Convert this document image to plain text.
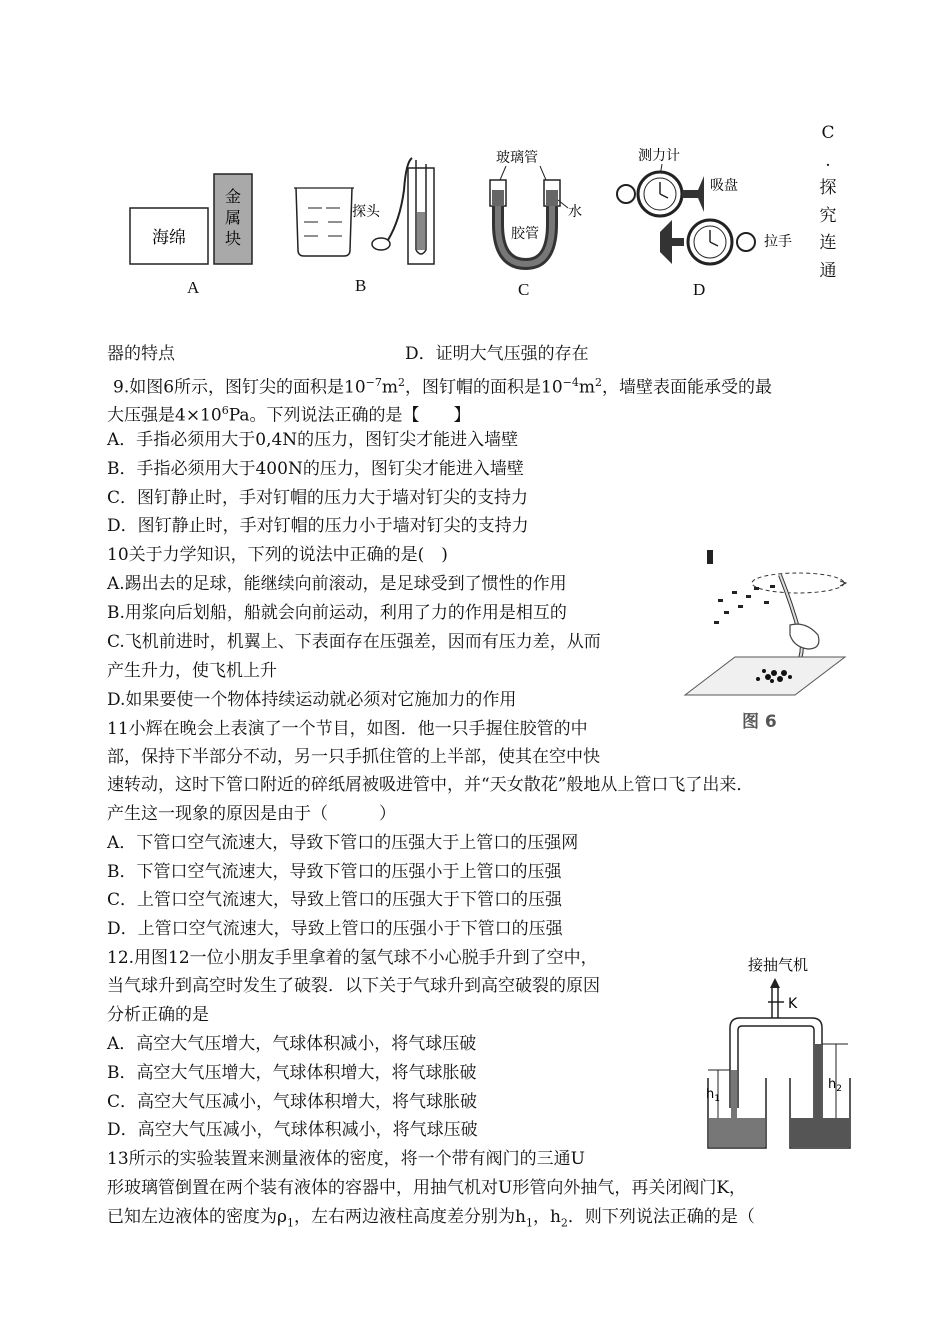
海绵
金
属
块
A
探头
B
玻璃管
胶管
水
C
测力计
吸盘
拉手
D
C
.
探
究
连
通
器的特点	D．证明大气压强的存在
9.如图6所示，图钉尖的面积是$10^{-7}m^2$，图钉帽的面积是$10^{-4}m^2$，墙壁表面能承受的最
大压强是$4\times 10^6Pa$。下列说法正确的是【　　】
A．手指必须用大于0,4N的压力，图钉尖才能进入墙壁
B．手指必须用大于400N的压力，图钉尖才能进入墙壁
C．图钉静止时，手对钉帽的压力大于墙对钉尖的支持力
D．图钉静止时，手对钉帽的压力小于墙对钉尖的支持力
10关于力学知识，下列的说法中正确的是(　)
A.踢出去的足球，能继续向前滚动，是足球受到了惯性的作用
B.用浆向后划船，船就会向前运动，利用了力的作用是相互的
C.飞机前进时，机翼上、下表面存在压强差，因而有压力差，从而
产生升力，使飞机上升
D.如果要使一个物体持续运动就必须对它施加力的作用
11小辉在晚会上表演了一个节目，如图．他一只手握住胶管的中
部，保持下半部分不动，另一只手抓住管的上半部，使其在空中快
速转动，这时下管口附近的碎纸屑被吸进管中，并“天女散花”般地从上管口飞了出来．
产生这一现象的原因是由于（　　　）
A．下管口空气流速大，导致下管口的压强大于上管口的压强网
B．下管口空气流速大，导致下管口的压强小于上管口的压强
C．上管口空气流速大，导致上管口的压强大于下管口的压强
D．上管口空气流速大，导致上管口的压强小于下管口的压强
12.用图12一位小朋友手里拿着的氢气球不小心脱手升到了空中，
当气球升到高空时发生了破裂．以下关于气球升到高空破裂的原因
分析正确的是
A．高空大气压增大，气球体积减小，将气球压破
B．高空大气压增大，气球体积增大，将气球胀破
C．高空大气压减小，气球体积增大，将气球胀破
D．高空大气压减小，气球体积减小，将气球压破
13所示的实验装置来测量液体的密度，将一个带有阀门的三通U
形玻璃管倒置在两个装有液体的容器中，用抽气机对U形管向外抽气，再关闭阀门K，
已知左边液体的密度为$\rho_1$，左右两边液柱高度差分别为$h_1$，$h_2$．则下列说法正确的是（
图 6
接抽气机
K
$h_1$
$h_2$
